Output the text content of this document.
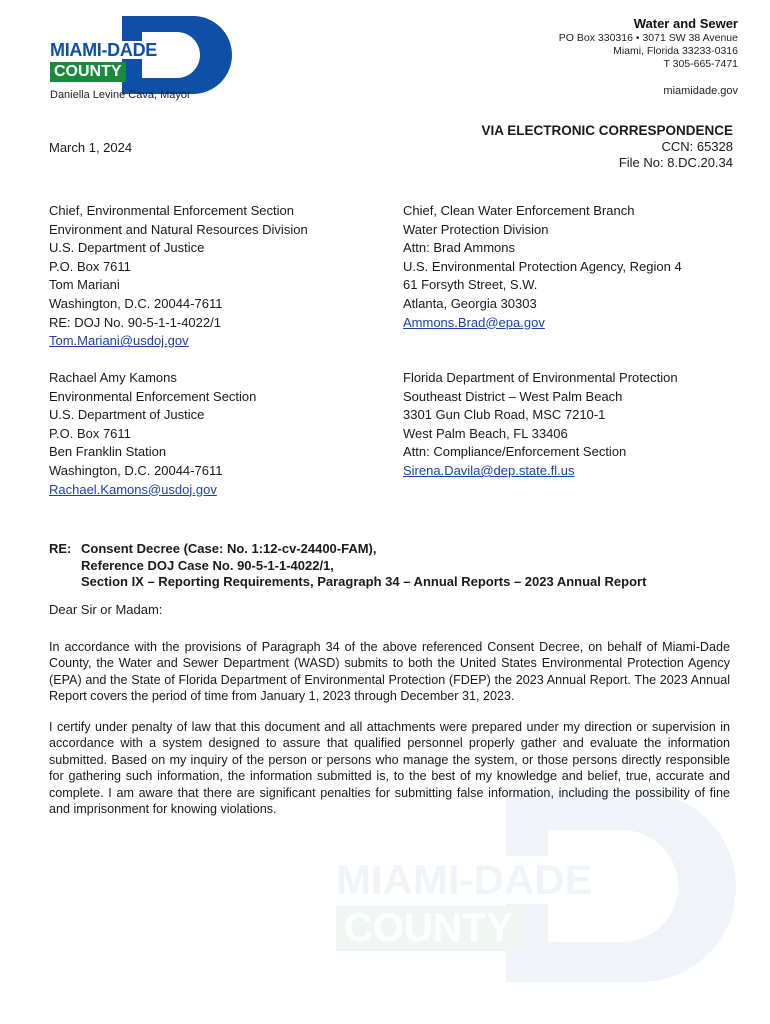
MIAMI-DADE
COUNTY
Daniella Levine Cava, Mayor
Water and Sewer
PO Box 330316 • 3071 SW 38 Avenue
Miami, Florida 33233-0316
T 305-665-7471
miamidade.gov
VIA ELECTRONIC CORRESPONDENCE
CCN: 65328
File No: 8.DC.20.34
March 1, 2024
Chief, Environmental Enforcement Section
Environment and Natural Resources Division
U.S. Department of Justice
P.O. Box 7611
Tom Mariani
Washington, D.C. 20044-7611
RE: DOJ No. 90-5-1-1-4022/1
Tom.Mariani@usdoj.gov
Chief, Clean Water Enforcement Branch
Water Protection Division
Attn: Brad Ammons
U.S. Environmental Protection Agency, Region 4
61 Forsyth Street, S.W.
Atlanta, Georgia 30303
Ammons.Brad@epa.gov
Rachael Amy Kamons
Environmental Enforcement Section
U.S. Department of Justice
P.O. Box 7611
Ben Franklin Station
Washington, D.C. 20044-7611
Rachael.Kamons@usdoj.gov
Florida Department of Environmental Protection
Southeast District – West Palm Beach
3301 Gun Club Road, MSC 7210-1
West Palm Beach, FL 33406
Attn: Compliance/Enforcement Section
Sirena.Davila@dep.state.fl.us
RE: Consent Decree (Case: No. 1:12-cv-24400-FAM),
Reference DOJ Case No. 90-5-1-1-4022/1,
Section IX – Reporting Requirements, Paragraph 34 – Annual Reports – 2023 Annual Report
Dear Sir or Madam:
In accordance with the provisions of Paragraph 34 of the above referenced Consent Decree, on behalf of Miami-Dade County, the Water and Sewer Department (WASD) submits to both the United States Environmental Protection Agency (EPA) and the State of Florida Department of Environmental Protection (FDEP) the 2023 Annual Report. The 2023 Annual Report covers the period of time from January 1, 2023 through December 31, 2023.
I certify under penalty of law that this document and all attachments were prepared under my direction or supervision in accordance with a system designed to assure that qualified personnel properly gather and evaluate the information submitted. Based on my inquiry of the person or persons who manage the system, or those persons directly responsible for gathering such information, the information submitted is, to the best of my knowledge and belief, true, accurate and complete. I am aware that there are significant penalties for submitting false information, including the possibility of fine and imprisonment for knowing violations.
MIAMI-DADE
COUNTY
